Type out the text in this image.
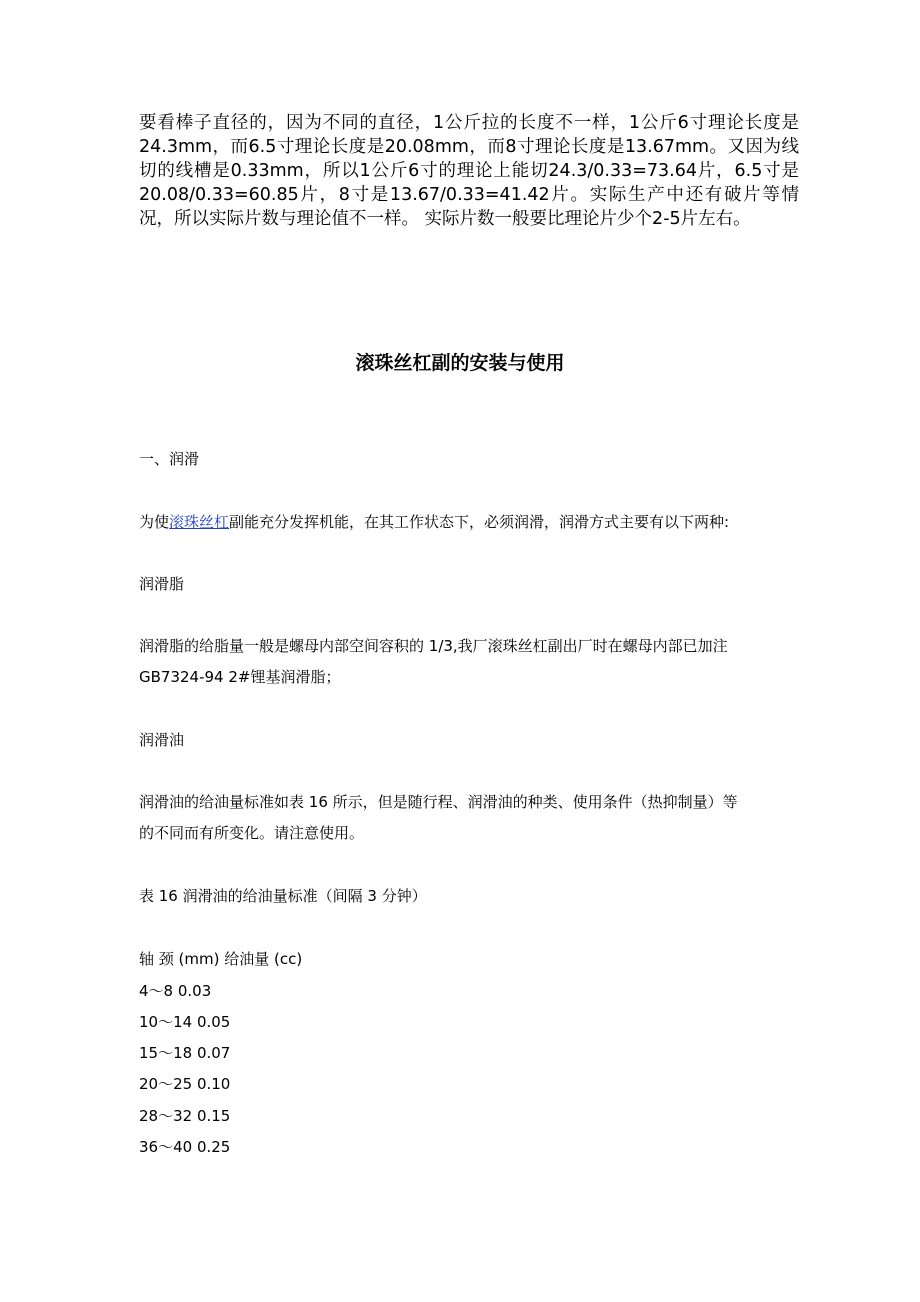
要看棒子直径的，因为不同的直径，1公斤拉的长度不一样，1公斤6寸理论长度是24.3mm，而6.5寸理论长度是20.08mm，而8寸理论长度是13.67mm。又因为线切的线槽是0.33mm，所以1公斤6寸的理论上能切24.3/0.33=73.64片，6.5寸是20.08/0.33=60.85片，8寸是13.67/0.33=41.42片。实际生产中还有破片等情况，所以实际片数与理论值不一样。 实际片数一般要比理论片少个2-5片左右。

滚珠丝杠副的安装与使用

一、润滑

为使滚珠丝杠副能充分发挥机能，在其工作状态下，必须润滑，润滑方式主要有以下两种:

润滑脂

润滑脂的给脂量一般是螺母内部空间容积的 1/3,我厂滚珠丝杠副出厂时在螺母内部已加注

GB7324-94 2#锂基润滑脂；

润滑油

润滑油的给油量标准如表 16 所示，但是随行程、润滑油的种类、使用条件（热抑制量）等

的不同而有所变化。请注意使用。

表 16 润滑油的给油量标准（间隔 3 分钟）

轴 颈 (mm) 给油量 (cc)

4～8 0.03

10～14 0.05

15～18 0.07

20～25 0.10

28～32 0.15

36～40 0.25
